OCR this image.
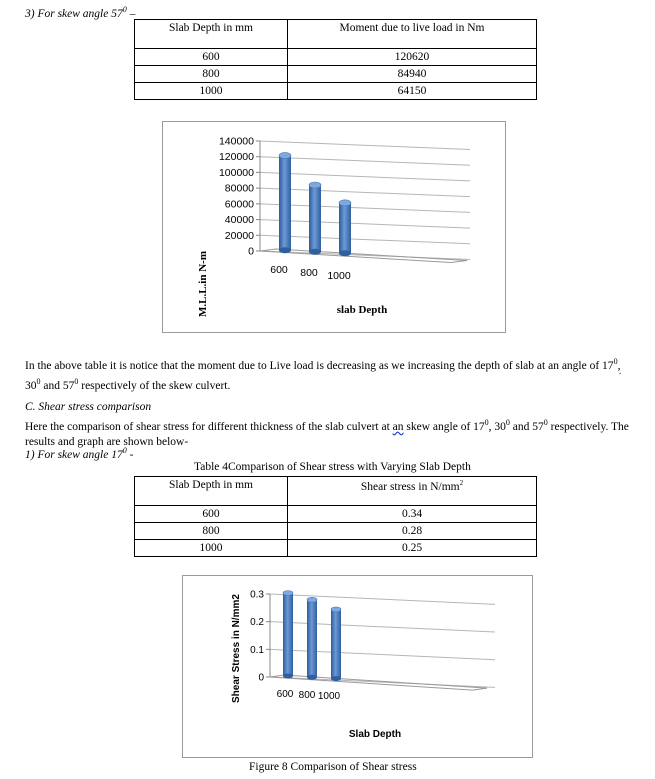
3) For skew angle $57^0$ –
Slab Depth in mm	Moment due to live load in Nm
600	120620
800	84940
1000	64150
M.L.L.in N-m	slab Depth
140000
120000
100000
80000
60000
40000
20000
0
600 800 1000
In the above table it is notice that the moment due to Live load is decreasing as we increasing the depth of slab at an angle of $17^0$,
$30^0$ and $57^0$ respectively of the skew culvert.
C. Shear stress comparison
Here the comparison of shear stress for different thickness of the slab culvert at an skew angle of $17^0$, $30^0$ and $57^0$ respectively. The results and graph are shown below-
1) For skew angle $17^0$ -
Table 4Comparison of Shear stress with Varying Slab Depth
Slab Depth in mm	Shear stress in $N/mm^2$
600	0.34
800	0.28
1000	0.25
Shear Stress in N/mm2
Slab Depth
0.3
0.2
0.1
0
600 800 1000
Figure 8 Comparison of Shear stress
